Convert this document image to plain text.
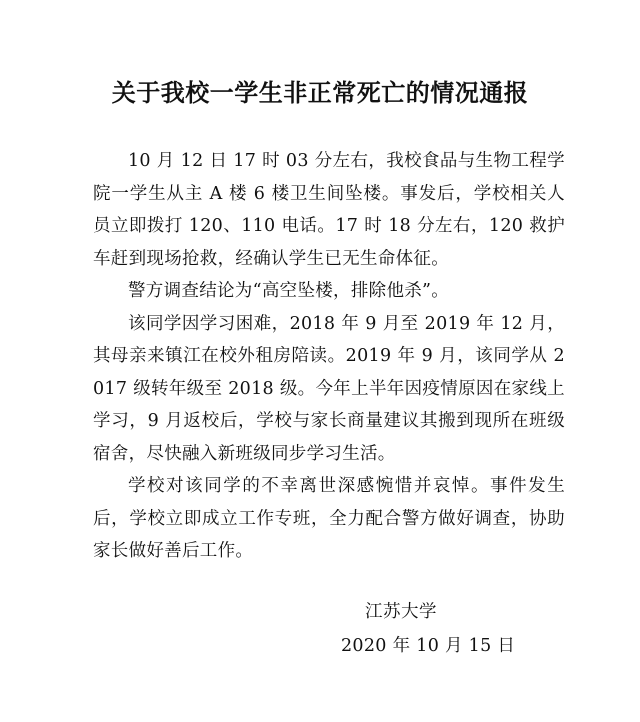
关于我校一学生非正常死亡的情况通报

10 月 12 日 17 时 03 分左右，我校食品与生物工程学院一学生从主 A 楼 6 楼卫生间坠楼。事发后，学校相关人员立即拨打 120、110 电话。17 时 18 分左右，120 救护车赶到现场抢救，经确认学生已无生命体征。

警方调查结论为“高空坠楼，排除他杀”。

该同学因学习困难，2018 年 9 月至 2019 年 12 月，其母亲来镇江在校外租房陪读。2019 年 9 月，该同学从 2017 级转年级至 2018 级。今年上半年因疫情原因在家线上学习，9 月返校后，学校与家长商量建议其搬到现所在班级宿舍，尽快融入新班级同步学习生活。

学校对该同学的不幸离世深感惋惜并哀悼。事件发生后，学校立即成立工作专班，全力配合警方做好调查，协助家长做好善后工作。

江苏大学
2020 年 10 月 15 日
